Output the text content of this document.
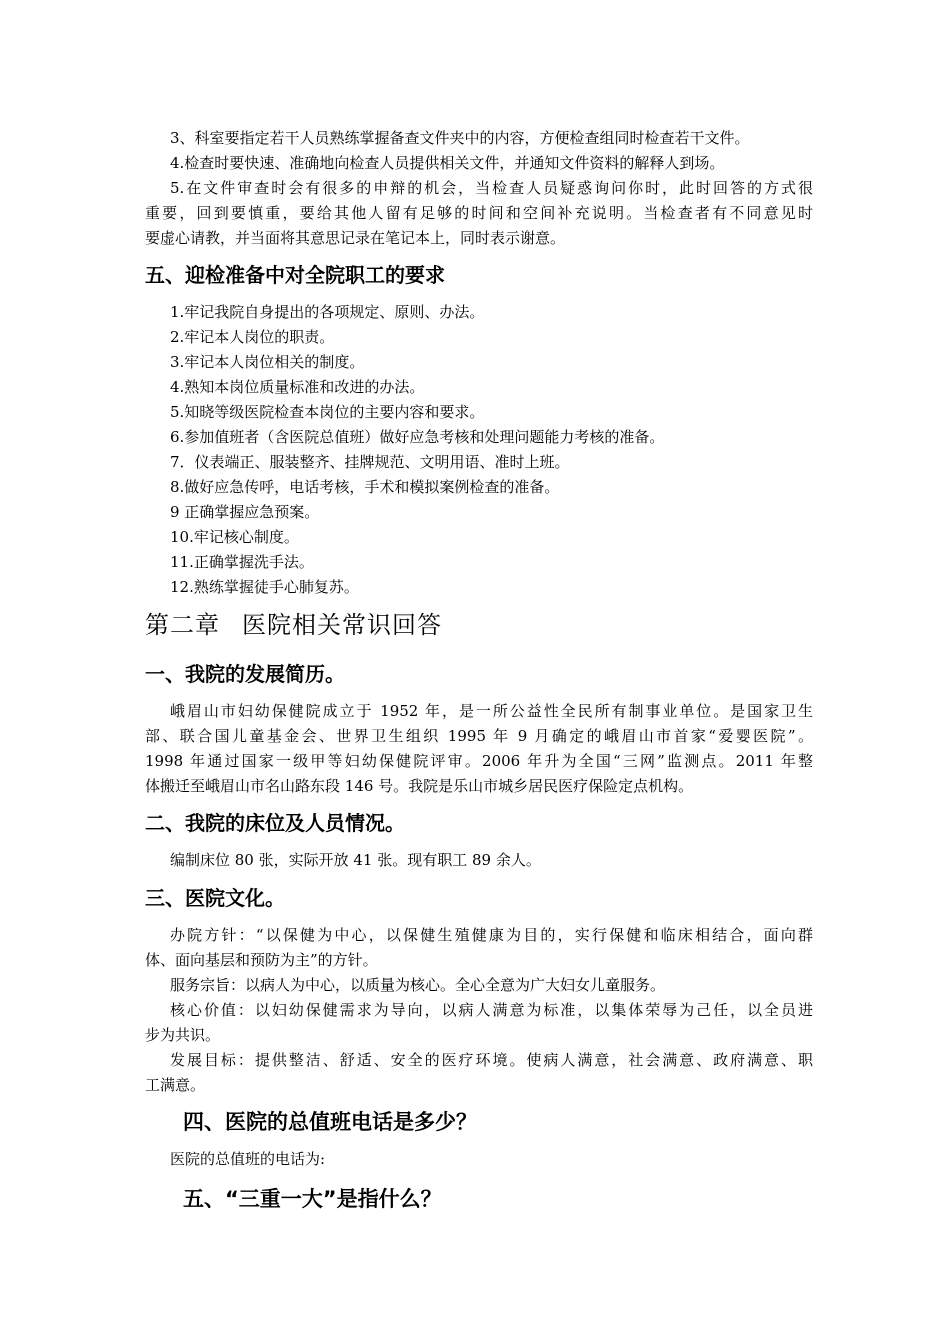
3、科室要指定若干人员熟练掌握备查文件夹中的内容，方便检查组同时检查若干文件。
4.检查时要快速、准确地向检查人员提供相关文件，并通知文件资料的解释人到场。
5.在文件审查时会有很多的申辩的机会，当检查人员疑惑询问你时，此时回答的方式很
重要，回到要慎重，要给其他人留有足够的时间和空间补充说明。当检查者有不同意见时
要虚心请教，并当面将其意思记录在笔记本上，同时表示谢意。
五、迎检准备中对全院职工的要求
1.牢记我院自身提出的各项规定、原则、办法。
2.牢记本人岗位的职责。
3.牢记本人岗位相关的制度。
4.熟知本岗位质量标准和改进的办法。
5.知晓等级医院检查本岗位的主要内容和要求。
6.参加值班者（含医院总值班）做好应急考核和处理问题能力考核的准备。
7．仪表端正、服装整齐、挂牌规范、文明用语、准时上班。
8.做好应急传呼，电话考核，手术和模拟案例检查的准备。
9 正确掌握应急预案。
10.牢记核心制度。
11.正确掌握洗手法。
12.熟练掌握徒手心肺复苏。
第二章 医院相关常识回答
一、我院的发展简历。
峨眉山市妇幼保健院成立于 1952 年，是一所公益性全民所有制事业单位。是国家卫生
部、联合国儿童基金会、世界卫生组织 1995 年 9 月确定的峨眉山市首家“爱婴医院”。
1998 年通过国家一级甲等妇幼保健院评审。2006 年升为全国“三网”监测点。2011 年整
体搬迁至峨眉山市名山路东段 146 号。我院是乐山市城乡居民医疗保险定点机构。
二、我院的床位及人员情况。
编制床位 80 张，实际开放 41 张。现有职工 89 余人。
三、医院文化。
办院方针：“以保健为中心，以保健生殖健康为目的，实行保健和临床相结合，面向群
体、面向基层和预防为主”的方针。
服务宗旨：以病人为中心，以质量为核心。全心全意为广大妇女儿童服务。
核心价值：以妇幼保健需求为导向，以病人满意为标准，以集体荣辱为己任，以全员进
步为共识。
发展目标：提供整洁、舒适、安全的医疗环境。使病人满意，社会满意、政府满意、职
工满意。
四、医院的总值班电话是多少？
医院的总值班的电话为:
五、“三重一大”是指什么？
